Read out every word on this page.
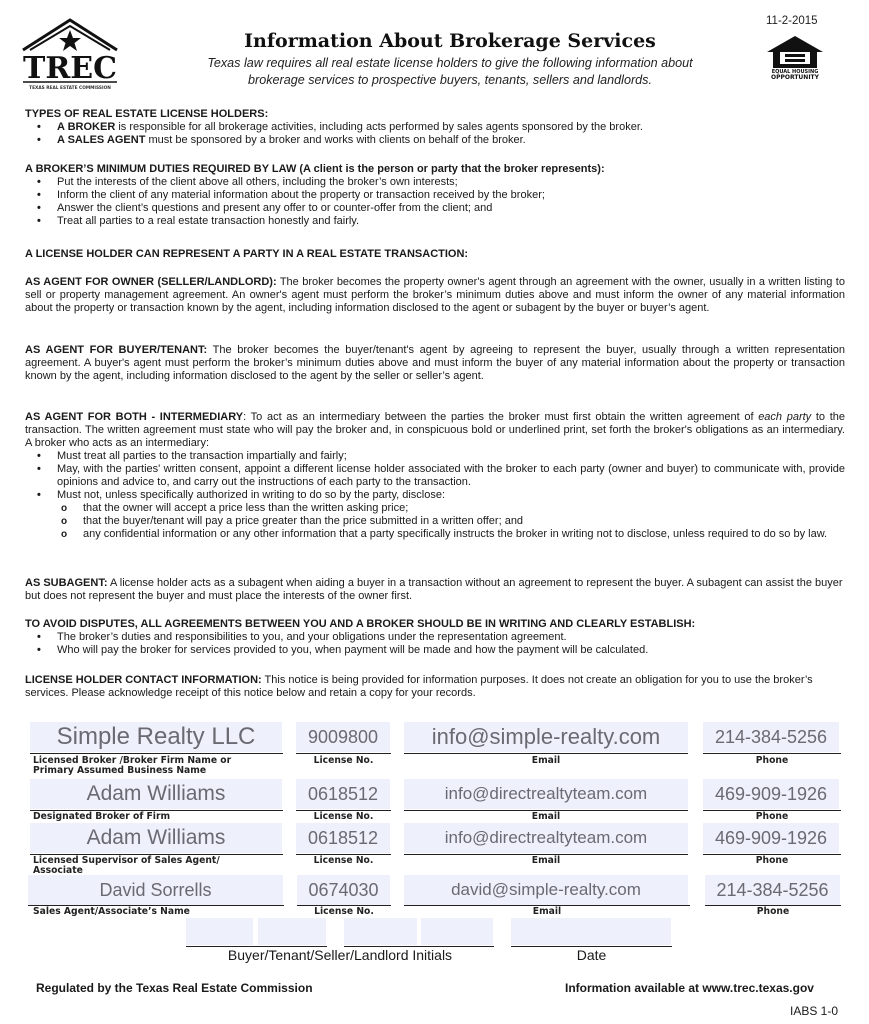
TREC
TEXAS REAL ESTATE COMMISSION
Information About Brokerage Services
Texas law requires all real estate license holders to give the following information about
brokerage services to prospective buyers, tenants, sellers and landlords.
11-2-2015
EQUAL HOUSING
OPPORTUNITY
TYPES OF REAL ESTATE LICENSE HOLDERS:
• A BROKER is responsible for all brokerage activities, including acts performed by sales agents sponsored by the broker.
• A SALES AGENT must be sponsored by a broker and works with clients on behalf of the broker.
A BROKER’S MINIMUM DUTIES REQUIRED BY LAW (A client is the person or party that the broker represents):
• Put the interests of the client above all others, including the broker’s own interests;
• Inform the client of any material information about the property or transaction received by the broker;
• Answer the client’s questions and present any offer to or counter-offer from the client; and
• Treat all parties to a real estate transaction honestly and fairly.
A LICENSE HOLDER CAN REPRESENT A PARTY IN A REAL ESTATE TRANSACTION:
AS AGENT FOR OWNER (SELLER/LANDLORD): The broker becomes the property owner's agent through an agreement with the owner, usually in a written listing to sell or property management agreement. An owner's agent must perform the broker’s minimum duties above and must inform the owner of any material information about the property or transaction known by the agent, including information disclosed to the agent or subagent by the buyer or buyer’s agent.
AS AGENT FOR BUYER/TENANT: The broker becomes the buyer/tenant's agent by agreeing to represent the buyer, usually through a written representation agreement. A buyer's agent must perform the broker’s minimum duties above and must inform the buyer of any material information about the property or transaction known by the agent, including information disclosed to the agent by the seller or seller’s agent.
AS AGENT FOR BOTH - INTERMEDIARY: To act as an intermediary between the parties the broker must first obtain the written agreement of each party to the transaction. The written agreement must state who will pay the broker and, in conspicuous bold or underlined print, set forth the broker's obligations as an intermediary. A broker who acts as an intermediary:
• Must treat all parties to the transaction impartially and fairly;
• May, with the parties' written consent, appoint a different license holder associated with the broker to each party (owner and buyer) to communicate with, provide opinions and advice to, and carry out the instructions of each party to the transaction.
• Must not, unless specifically authorized in writing to do so by the party, disclose:
o that the owner will accept a price less than the written asking price;
o that the buyer/tenant will pay a price greater than the price submitted in a written offer; and
o any confidential information or any other information that a party specifically instructs the broker in writing not to disclose, unless required to do so by law.
AS SUBAGENT: A license holder acts as a subagent when aiding a buyer in a transaction without an agreement to represent the buyer. A subagent can assist the buyer but does not represent the buyer and must place the interests of the owner first.
TO AVOID DISPUTES, ALL AGREEMENTS BETWEEN YOU AND A BROKER SHOULD BE IN WRITING AND CLEARLY ESTABLISH:
• The broker’s duties and responsibilities to you, and your obligations under the representation agreement.
• Who will pay the broker for services provided to you, when payment will be made and how the payment will be calculated.
LICENSE HOLDER CONTACT INFORMATION: This notice is being provided for information purposes. It does not create an obligation for you to use the broker’s services. Please acknowledge receipt of this notice below and retain a copy for your records.
Simple Realty LLC
Licensed Broker /Broker Firm Name or
Primary Assumed Business Name
9009800
License No.
info@simple-realty.com
Email
214-384-5256
Phone
Adam Williams
Designated Broker of Firm
0618512
License No.
info@directrealtyteam.com
Email
469-909-1926
Phone
Adam Williams
Licensed Supervisor of Sales Agent/
Associate
0618512
License No.
info@directrealtyteam.com
Email
469-909-1926
Phone
David Sorrells
Sales Agent/Associate’s Name
0674030
License No.
david@simple-realty.com
Email
214-384-5256
Phone
Buyer/Tenant/Seller/Landlord Initials	Date
Regulated by the Texas Real Estate Commission	Information available at www.trec.texas.gov
IABS 1-0
